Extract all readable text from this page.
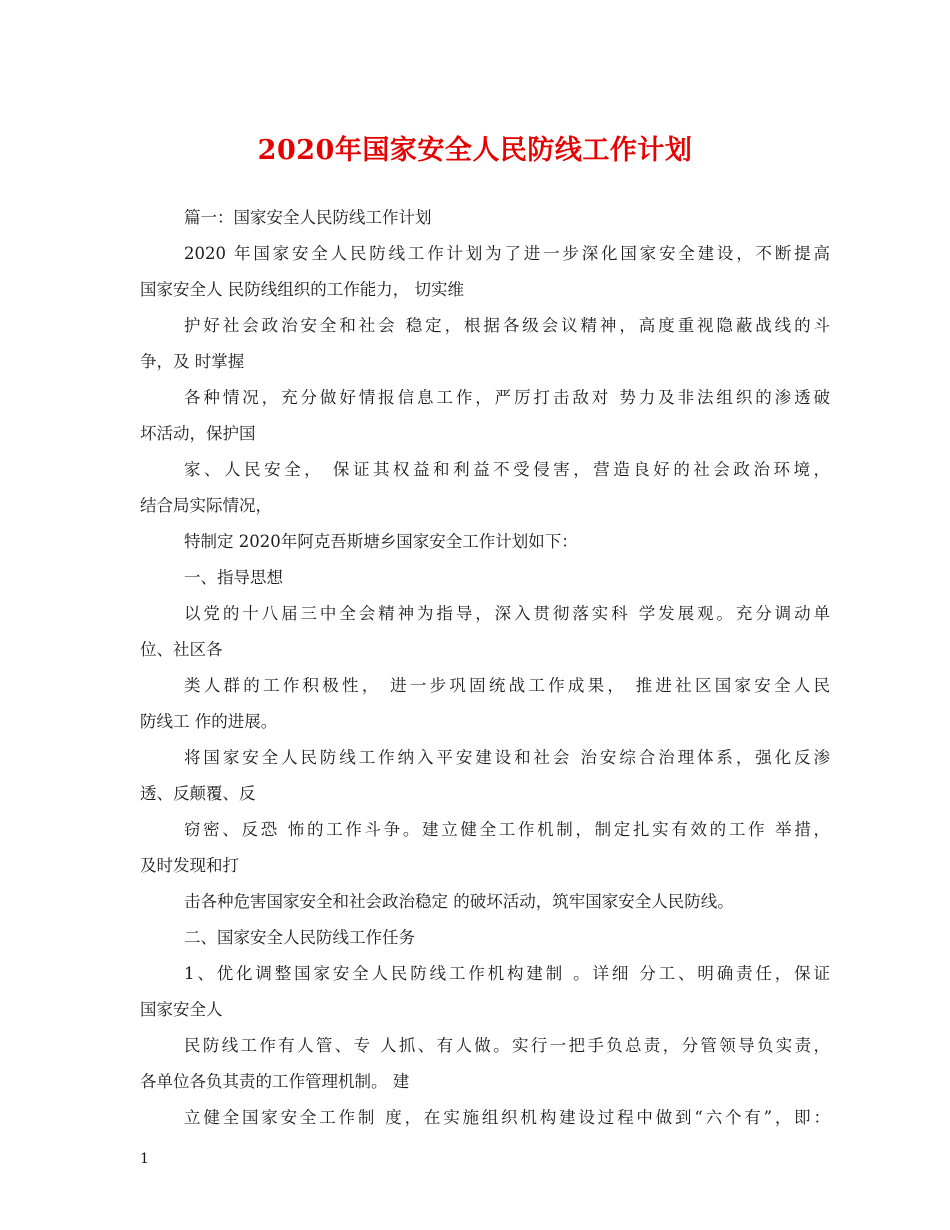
2020年国家安全人民防线工作计划
篇一：国家安全人民防线工作计划
2020 年国家安全人民防线工作计划为了进一步深化国家安全建设，不断提高
国家安全人 民防线组织的工作能力， 切实维
护好社会政治安全和社会 稳定，根据各级会议精神，高度重视隐蔽战线的斗
争，及 时掌握
各种情况，充分做好情报信息工作，严厉打击敌对 势力及非法组织的渗透破
坏活动，保护国
家、人民安全， 保证其权益和利益不受侵害，营造良好的社会政治环境，
结合局实际情况，
特制定 2020年阿克吾斯塘乡国家安全工作计划如下：
一、指导思想
以党的十八届三中全会精神为指导，深入贯彻落实科 学发展观。充分调动单
位、社区各
类人群的工作积极性， 进一步巩固统战工作成果， 推进社区国家安全人民
防线工 作的进展。
将国家安全人民防线工作纳入平安建设和社会 治安综合治理体系，强化反渗
透、反颠覆、反
窃密、反恐 怖的工作斗争。建立健全工作机制，制定扎实有效的工作 举措，
及时发现和打
击各种危害国家安全和社会政治稳定 的破坏活动，筑牢国家安全人民防线。
二、国家安全人民防线工作任务
1、优化调整国家安全人民防线工作机构建制 。详细 分工、明确责任，保证
国家安全人
民防线工作有人管、专 人抓、有人做。实行一把手负总责，分管领导负实责，
各单位各负其责的工作管理机制。 建
立健全国家安全工作制 度，在实施组织机构建设过程中做到“六个有”，即：
1
